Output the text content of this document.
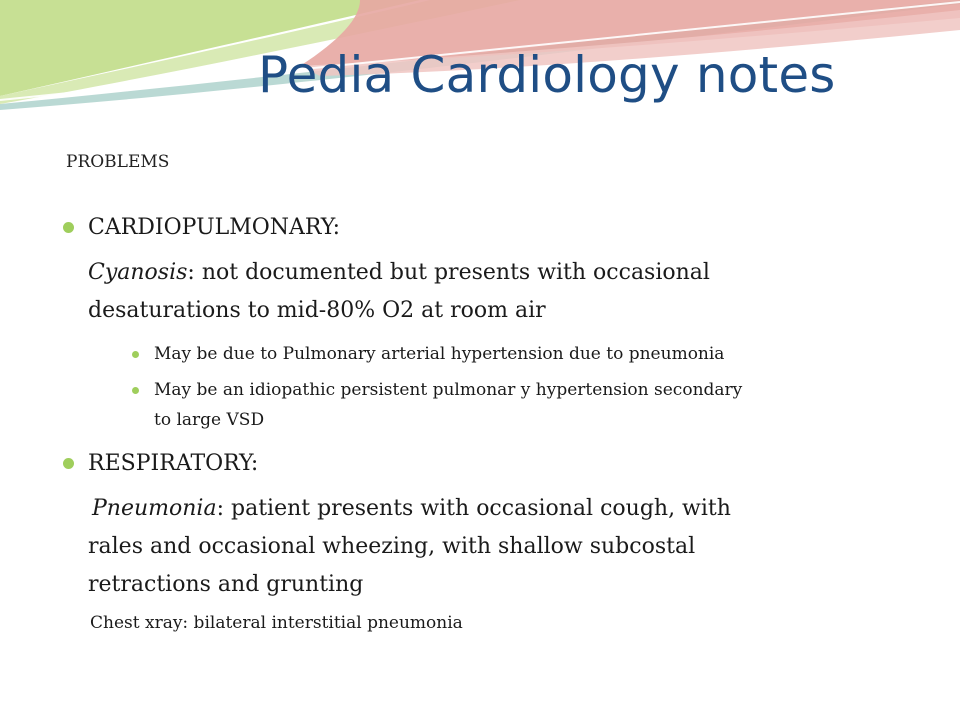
Pedia Cardiology notes
PROBLEMS
CARDIOPULMONARY:
Cyanosis: not documented but presents with occasional
desaturations to mid-80% O2 at room air
May be due to Pulmonary arterial hypertension due to pneumonia
May be an idiopathic persistent pulmonar y hypertension secondary
to large VSD
RESPIRATORY:
Pneumonia: patient presents with occasional cough, with
rales and occasional wheezing, with shallow subcostal
retractions and grunting
Chest xray: bilateral interstitial pneumonia
